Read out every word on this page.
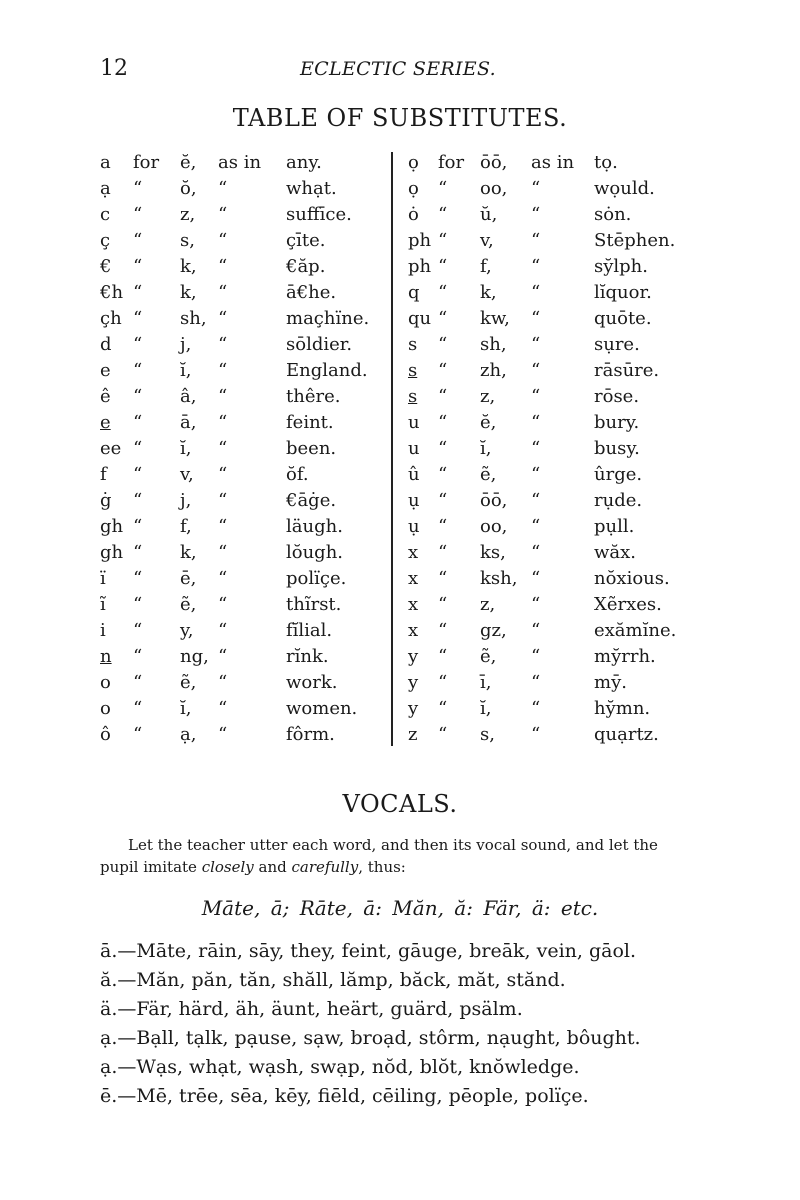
12	ECLECTIC SERIES.
TABLE OF SUBSTITUTES.
a for ĕ, as in any.
ạ “ ŏ, “	whạt.
c “ z, “	suffīce.
ç “ s, “	çīte.
€ “ k, “	€ăp.
€h “ k, “	ā€he.
çh “ sh, “	maçhïne.
d “ j, “	sōldier.
e “ ĭ, “	England.
ê “ â, “	thêre.
e “ ā, “	feint.
ee “ ĭ, “	been.
f “ v, “	ŏf.
ġ “ j, “	€āġe.
gh “ f, “	läugh.
gh “ k, “	lŏugh.
ï “ ē, “	polïçe.
ĩ “ ẽ, “	thĩrst.
i “ y, “	fĭlial.
n “ ng, “	rĭnk.
o “ ẽ, “	work.
o “ ĭ, “	women.
ô “ ạ, “	fôrm.
ọ for ōō, as in tọ.
ọ “ oo, “	wọuld.
ȯ “ ŭ, “	sȯn.
ph “ v, “	Stēphen.
ph “ f, “	sy̆lph.
q “ k, “	lĭquor.
qu “ kw, “	quōte.
s “ sh, “	sụre.
s “ zh, “	rāsūre.
s “ z, “	rōse.
u “ ĕ, “	bury.
u “ ĭ, “	busy.
û “ ẽ, “	ûrge.
ụ “ ōō, “	rụde.
ụ “ oo, “	pụll.
x “ ks, “	wăx.
x “ ksh, “	nŏxious.
x “ z, “	Xẽrxes.
x “ gz, “	exămĭne.
y “ ẽ, “	my̆rrh.
y “ ī, “	mȳ.
y “ ĭ, “	hy̆mn.
z “ s, “	quạrtz.
VOCALS.

Let the teacher utter each word, and then its vocal sound, and let the pupil imitate closely and carefully, thus:

Māte, ā; Rāte, ā: Măn, ă: Fär, ä: etc.
ā.—Māte, rāin, sāy, they, feint, gāuge, breāk, vein, gāol.
ă.—Măn, păn, tăn, shăll, lămp, băck, măt, stănd.
ä.—Fär, härd, äh, äunt, heärt, guärd, psälm.
ạ.—Bạll, tạlk, pạuse, sạw, broạd, stôrm, nạught, bôught.
ạ.—Wạs, whạt, wạsh, swạp, nŏd, blŏt, knŏwledge.
ē.—Mē, trēe, sēa, kēy, fiēld, cēiling, pēople, polïçe.
